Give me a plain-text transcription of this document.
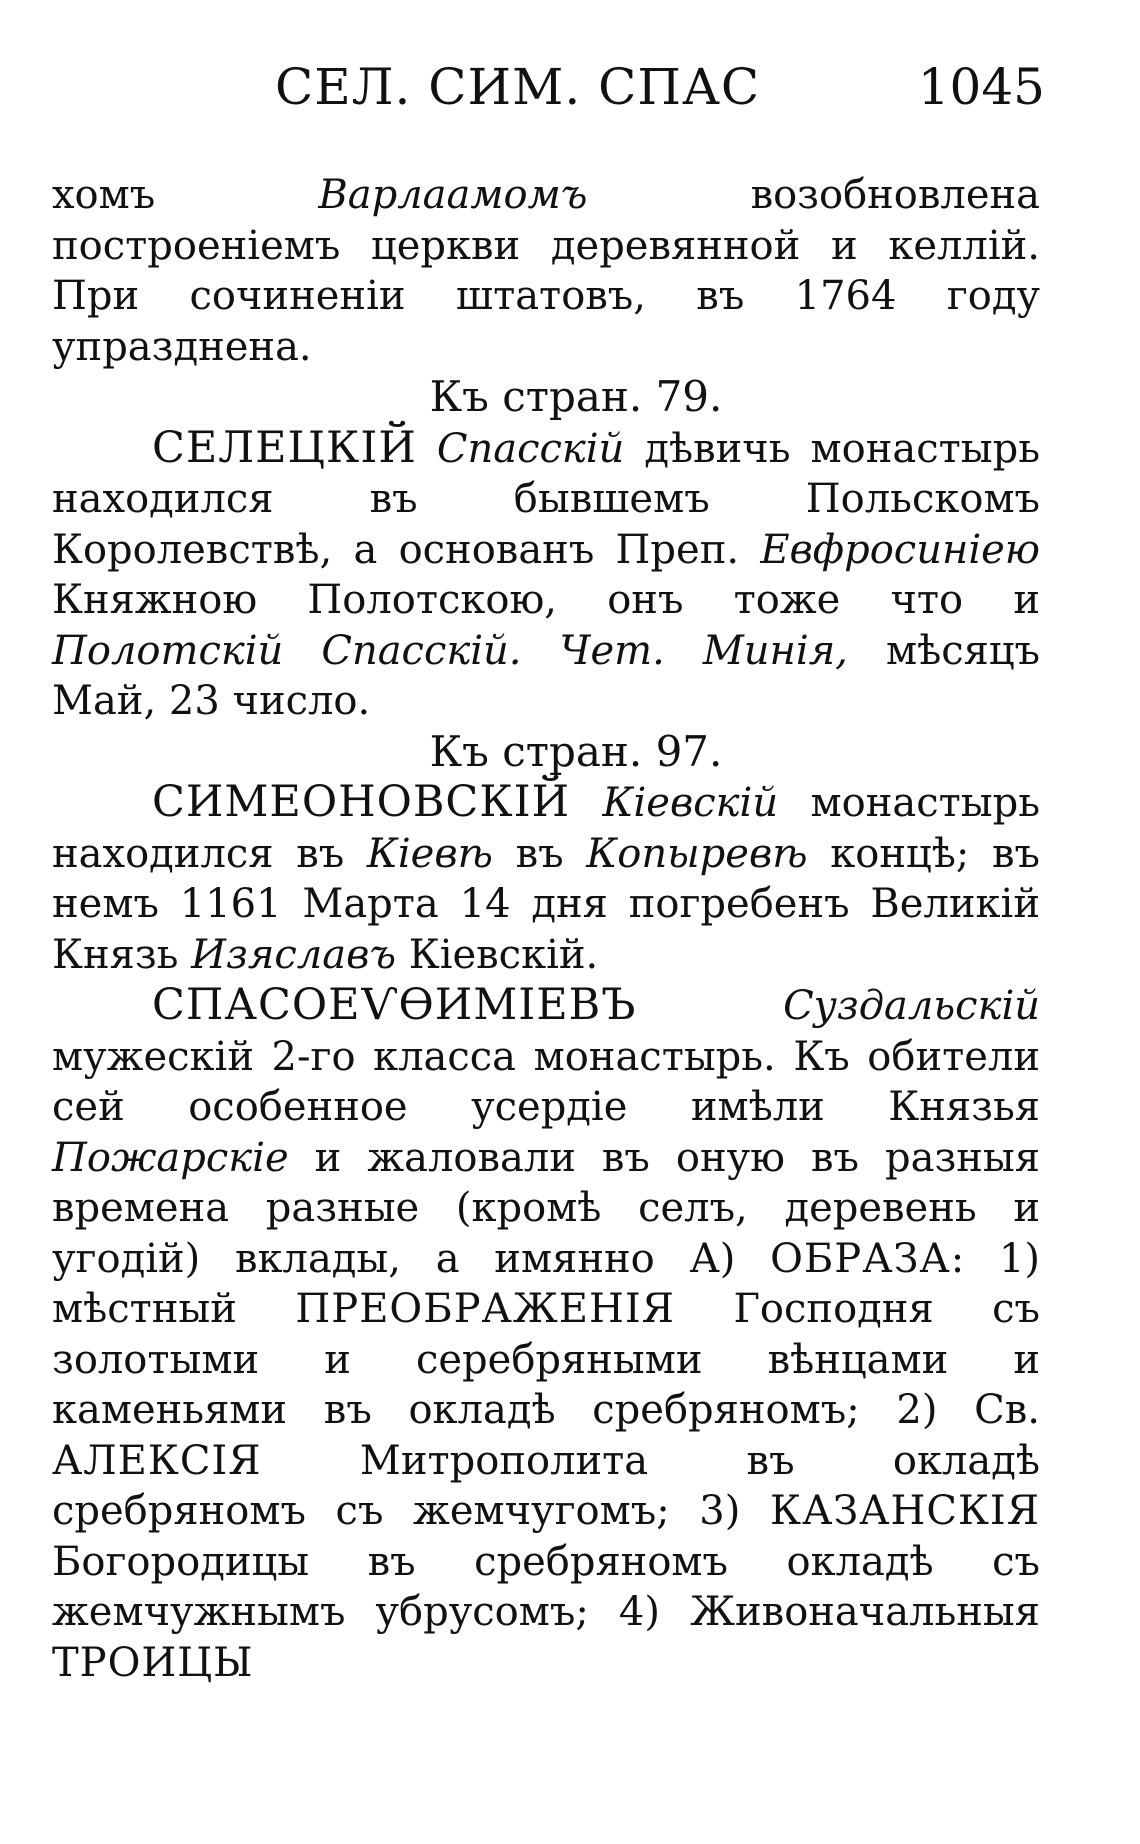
СЕЛ. СИМ. СПАС	1045

хомъ Варлаамомъ возобновлена построеніемъ церкви деревянной и келлій. При сочиненіи штатовъ, въ 1764 году упразднена.

Къ стран. 79.

СЕЛЕЦКІЙ Спасскій дѣвичь монастырь находился въ бывшемъ Польскомъ Королевствѣ, а основанъ Преп. Евфросиніею Княжною Полотскою, онъ тоже что и Полотскій Спасскій. Чет. Минія, мѣсяцъ Май, 23 число.

Къ стран. 97.

СИМЕОНОВСКІЙ Кіевскій монастырь находился въ Кіевѣ въ Копыревѣ концѣ; въ немъ 1161 Марта 14 дня погребенъ Великій Князь Изяславъ Кіевскій.

СПАСОЕѴѲИМІЕВЪ	Суздальскій мужескій 2-го класса монастырь. Къ обители сей особенное усердіе имѣли Князья Пожарскіе и жаловали въ оную въ разныя времена разные (кромѣ селъ, деревень и угодій) вклады, а имянно А) ОБРАЗА: 1) мѣстный ПРЕОБРАЖЕНІЯ Господня съ золотыми и серебряными вѣнцами и каменьями въ окладѣ сребряномъ; 2) Св. АЛЕКСІЯ Митрополита въ окладѣ сребряномъ съ жемчугомъ; 3) КАЗАНСКІЯ Богородицы въ сребряномъ окладѣ съ жемчужнымъ убрусомъ; 4) Живоначальныя ТРОИЦЫ
